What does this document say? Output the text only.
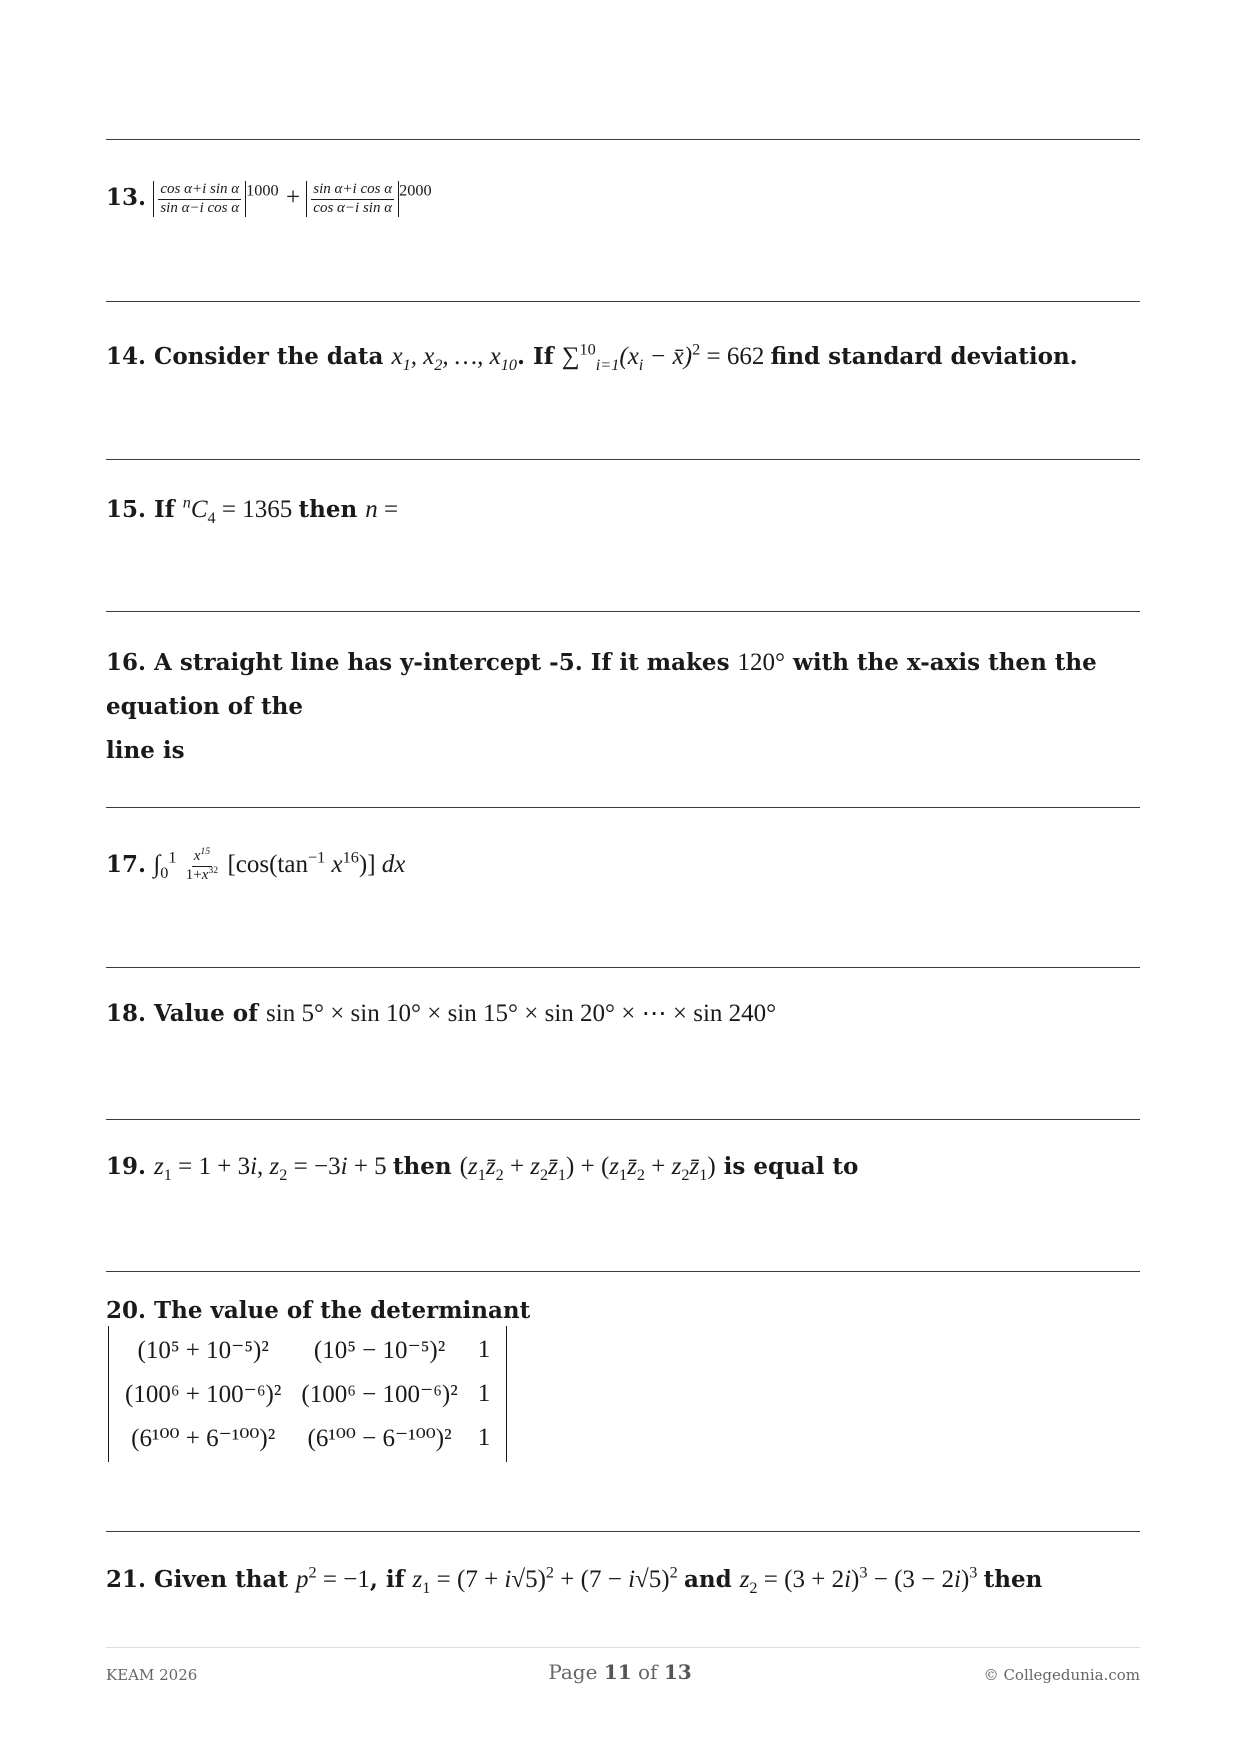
13. $\frac{\text{cos α+i sin α}}{\text{sin α−i cos α}} ^{1000} + \frac{\text{sin α+i cos α}}{\text{cos α−i sin α}} ^{2000}$
14. Consider the data $x_1$, $x_2$, …, $x_{10}$. If $\sum^{10}_{i=1}(x_i$ − x̄)$^2$ = 662 find standard deviation.
15. If $^nC_4 = 1365$ then n =
16. A straight line has y-intercept -5. If it makes 120° with the x-axis then the equation of the
line is
17. $\int_0^1 \frac{x^{15}}{1+x^{32}} [\cos(\tan^{-1}$ $x^{16}$)] dx
18. Value of sin 5° × sin 10° × sin 15° × sin 20° × ⋯ × sin 240°
19. $z_1 = 1 + 3i$, $z_2 = -3i + 5$ then ($z_1z̄_2$ + $z_2z̄_1$) + ($z_1z̄_2$ + $z_2z̄_1$) is equal to
20. The value of the determinant
(10⁵ + 10⁻⁵)²	(10⁵ − 10⁻⁵)²	1
(100⁶ + 100⁻⁶)²	(100⁶ − 100⁻⁶)²	1
(6¹⁰⁰ + 6⁻¹⁰⁰)²	(6¹⁰⁰ − 6⁻¹⁰⁰)²	1
21. Given that $p^2 = -1$, if $z_1 = (7 + i√5)^2 + (7 - i√5)^2$ and $z_2 = (3 + 2i)^3 - (3 - 2i)^3$ then
KEAM 2026	Page 11 of 13	© Collegedunia.com
